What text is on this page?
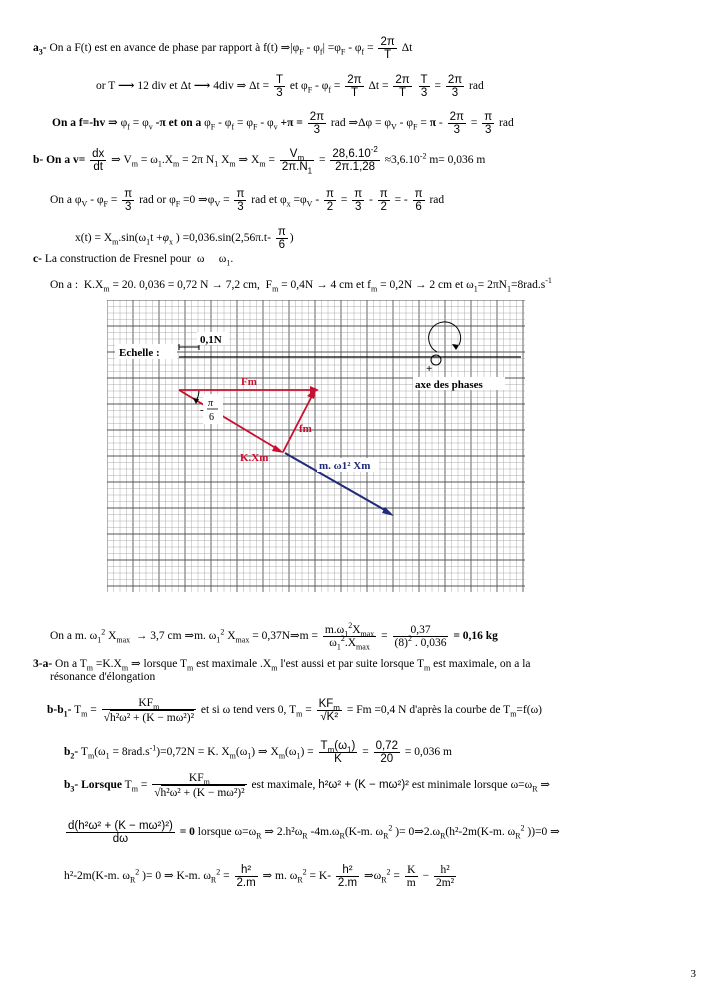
$a_3-$ On a F(t) est en avance de phase par rapport à f(t) $\Rightarrow|\varphi_F - \varphi_f| =\varphi_F - \varphi_f = \frac{2\pi}{T}$ Δt
or T ⟶ 12 div et Δt ⟶ 4div ⇒ $\Delta t = \frac{T}{3}$ et $\varphi_F - \varphi_f = \frac{2\pi}{T}$ $\Delta t = \frac{2\pi}{T}$
$\frac{T}{3} = \frac{2\pi}{3}$ rad
On a f=-hv ⇒ $\varphi_f = \varphi_v$ -π et on a $\varphi_F - \varphi_f = \varphi_F - \varphi_v +\pi = \frac{2\pi}{3}$ rad ⇒Δφ = $\varphi_V - \varphi_F = \pi - \frac{2\pi}{3} = \frac{\pi}{3}$ rad
b- On a $v= \frac{dx}{dt}$ ⇒ $V_m = \omega_1.X_m = 2\pi$ $N_1$ $X_m$ ⇒ $X_m = \frac{V_m}{2\pi.N_1} = \frac{28,6.10^{-2}}{2\pi.1,28} \approx 3,6.10^{-2}$ m= 0,036 m
On a $\varphi_V - \varphi_F = \frac{\pi}{3}$ rad or $\varphi_F =0$ $\Rightarrow\varphi_V = \frac{\pi}{3}$ rad et $\varphi_x =\varphi_V - \frac{\pi}{2} = \frac{\pi}{3} - \frac{\pi}{2}$ = - $\frac{\pi}{6}$ rad
$x(t) = X_m.\sin(\omega_1t +\varphi_x$ ) $=0,036.\sin(2,56\pi.t- \frac{\pi}{6}$ )
c- La construction de Fresnel pour  ω     $\omega_1$.
On a :  $K.X_m = 20$. 0,036 = 0,72 N → 7,2 cm,  $F_m = 0,4N \to 4$ cm et $f_m = 0,2N \to 2$ cm et $\omega_1= 2\pi N_1=8rad.s^{-1}$
Echelle :
0,1N
+
axe des phases
Fm
fm
K.Xm
m. ω1² Xm
-
π
6
On a m. $\omega_1^2$ $X_{max} \to 3,7$ cm ⇒m. $\omega_1^2$ $X_{max}$ = 0,37N⇒m = $\frac{m.\omega_1^2X_{max}}{\omega_1^2.X_{max}} = \frac{0,37}{(8)^2 . 0,036} = 0,16$ kg
3-a- On a $T_m =K.X_m$ ⇒ lorsque $T_m$ est maximale $.X_m$ l'est aussi et par suite lorsque $T_m$ est maximale, on a la
résonance d'élongation
$b-b_1-$ $T_m = \frac{KF_m}{\text{√h²ω² + (K − mω²)²}}$ et si ω tend vers 0, $T_m = \frac{KF_m}{\text{√K²}} = Fm =0,4$ N d'après la courbe de $T_m=f(\omega)$
$b_2-$ $T_m(\omega_1 = 8rad.s^{-1})=0,72N = K$. $X_m(\omega_1)$ ⇒ $X_m(\omega_1) = \frac{T_m(\omega_1)}{K} = \frac{0,72}{20} = 0,036$ m
$b_3-$ Lorsque $T_m = \frac{KF_m}{\text{√h²ω² + (K − mω²)²}}$ est maximale, h²ω² + (K − mω²)² est minimale lorsque $\omega=\omega_R$ ⇒
$\frac{\text{d(h²ω² + (K − mω²)²)}}{d\omega} = 0$ lorsque $\omega=\omega_R$ ⇒ $2.h^2\omega_R$ $-4m.\omega_R(K-m$. $\omega_R^2$ )= $0\Rightarrow 2.\omega_R(h^2-2m(K-m$. $\omega_R^2$ ))=0 ⇒
h²-2m(K-m. $\omega_R^2$ )= 0 ⇒ K-m. $\omega_R^2 = \frac{\text{h²}}{2.m}$ ⇒ m. $\omega_R^2 = K- \frac{\text{h²}}{2.m}$ $\Rightarrow\omega_R^2 = \frac{K}{m} - \frac{\text{h²}}{\text{2m²}}$
3
